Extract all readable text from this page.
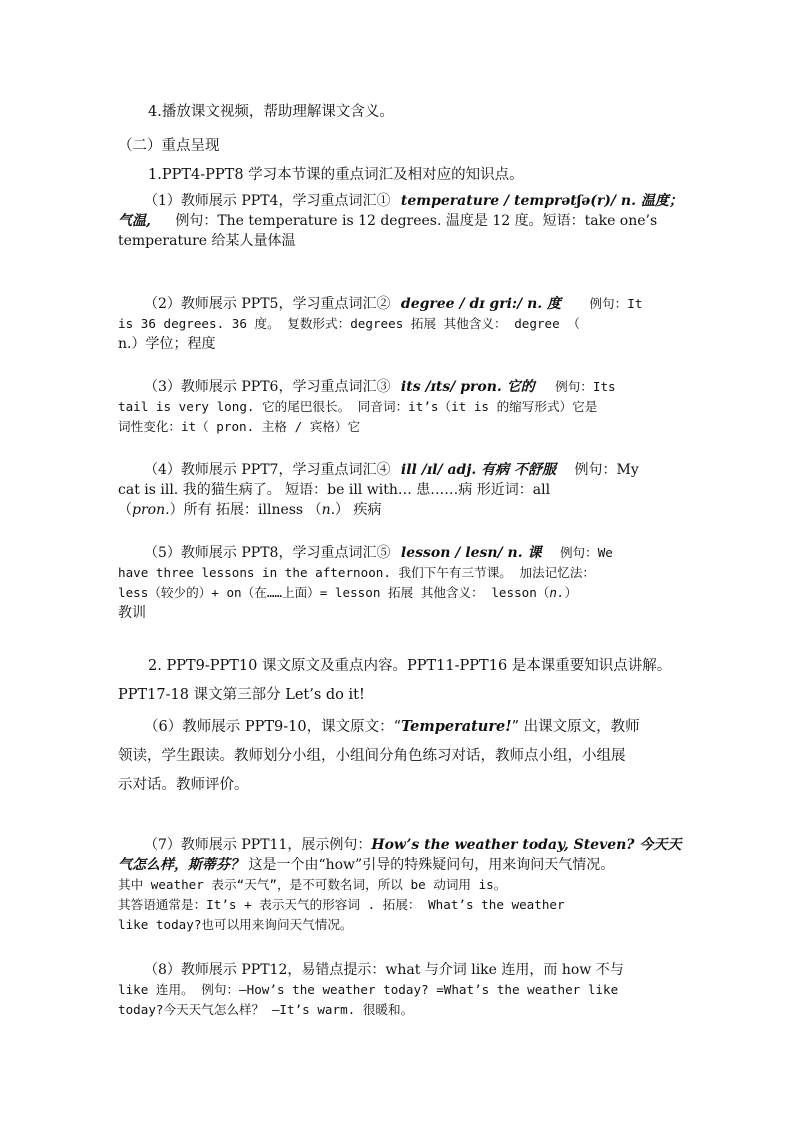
4.播放课文视频，帮助理解课文含义。
（二）重点呈现
1.PPT4-PPT8 学习本节课的重点词汇及相对应的知识点。
（1）教师展示 PPT4，学习重点词汇① temperature / temprətʃə(r)/ n. 温度；
气温, 例句：The temperature is 12 degrees. 温度是 12 度。短语：take one’s
temperature 给某人量体温
（2）教师展示 PPT5，学习重点词汇② degree / dɪ gri:/ n. 度 例句：It
is 36 degrees. 36 度。 复数形式：degrees 拓展 其他含义： degree （
n.）学位；程度
（3）教师展示 PPT6，学习重点词汇③ its /ɪts/ pron. 它的 例句：Its
tail is very long. 它的尾巴很长。 同音词：it’s（it is 的缩写形式）它是
词性变化：it（ pron. 主格 / 宾格）它
（4）教师展示 PPT7，学习重点词汇④ ill /ɪl/ adj. 有病 不舒服 例句：My
cat is ill. 我的猫生病了。 短语：be ill with… 患……病 形近词：all
（pron.）所有 拓展：illness （n.） 疾病
（5）教师展示 PPT8，学习重点词汇⑤ lesson / lesn/ n. 课 例句：We
have three lessons in the afternoon. 我们下午有三节课。 加法记忆法：
less（较少的）+ on（在……上面）= lesson 拓展 其他含义： lesson（n.）
教训
2. PPT9-PPT10 课文原文及重点内容。PPT11-PPT16 是本课重要知识点讲解。
PPT17-18 课文第三部分 Let’s do it!
（6）教师展示 PPT9-10，课文原文：“Temperature!” 出课文原文，教师
领读，学生跟读。教师划分小组，小组间分角色练习对话，教师点小组，小组展
示对话。教师评价。
（7）教师展示 PPT11，展示例句：How’s the weather today, Steven? 今天天
气怎么样，斯蒂芬？ 这是一个由“how”引导的特殊疑问句，用来询问天气情况。
其中 weather 表示“天气”，是不可数名词，所以 be 动词用 is。
其答语通常是：It’s + 表示天气的形容词 . 拓展： What’s the weather
like today?也可以用来询问天气情况。
（8）教师展示 PPT12，易错点提示：what 与介词 like 连用，而 how 不与
like 连用。 例句：—How’s the weather today? =What’s the weather like
today?今天天气怎么样？ —It’s warm. 很暖和。
